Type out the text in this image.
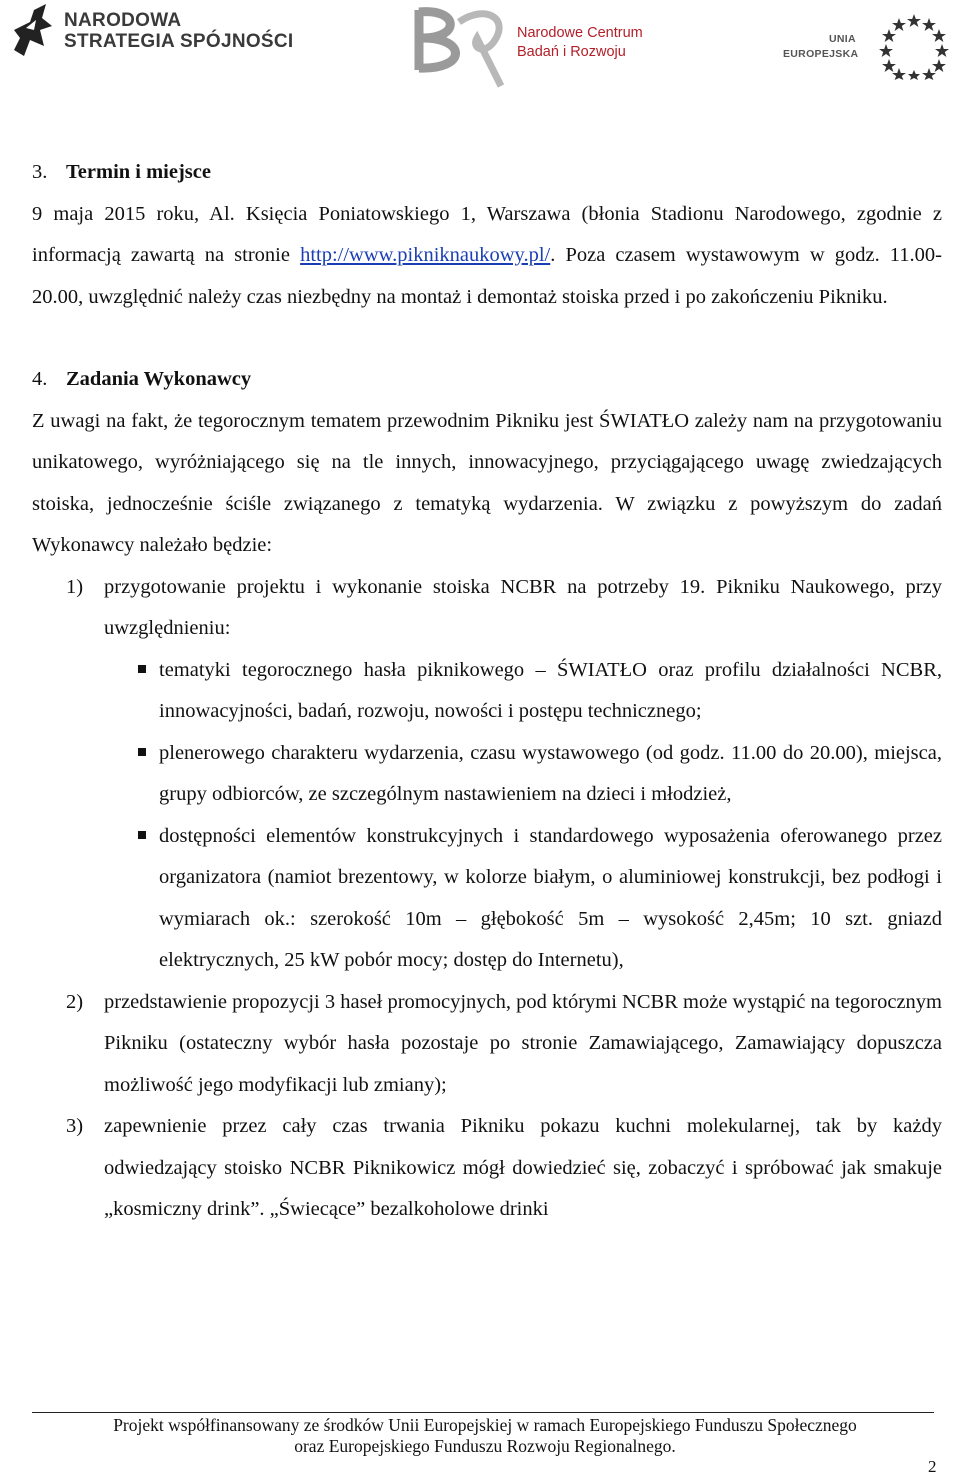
NARODOWA
STRATEGIA SPÓJNOŚCI	Narodowe Centrum
Badań i Rozwoju
UNIA
EUROPEJSKA

3. Termin i miejsce

9 maja 2015 roku, Al. Księcia Poniatowskiego 1, Warszawa (błonia Stadionu Narodowego, zgodnie z informacją zawartą na stronie http://www.pikniknaukowy.pl/. Poza czasem wystawowym w godz. 11.00-20.00, uwzględnić należy czas niezbędny na montaż i demontaż stoiska przed i po zakończeniu Pikniku.

4. Zadania Wykonawcy

Z uwagi na fakt, że tegorocznym tematem przewodnim Pikniku jest ŚWIATŁO zależy nam na przygotowaniu unikatowego, wyróżniającego się na tle innych, innowacyjnego, przyciągającego uwagę zwiedzających stoiska, jednocześnie ściśle związanego z tematyką wydarzenia. W związku z powyższym do zadań Wykonawcy należało będzie:

1) przygotowanie projektu i wykonanie stoiska NCBR na potrzeby 19. Pikniku Naukowego, przy uwzględnieniu:
tematyki tegorocznego hasła piknikowego – ŚWIATŁO oraz profilu działalności NCBR, innowacyjności, badań, rozwoju, nowości i postępu technicznego;
plenerowego charakteru wydarzenia, czasu wystawowego (od godz. 11.00 do 20.00), miejsca, grupy odbiorców, ze szczególnym nastawieniem na dzieci i młodzież,
dostępności elementów konstrukcyjnych i standardowego wyposażenia oferowanego przez organizatora (namiot brezentowy, w kolorze białym, o aluminiowej konstrukcji, bez podłogi i wymiarach ok.: szerokość 10m – głębokość 5m – wysokość 2,45m; 10 szt. gniazd elektrycznych, 25 kW pobór mocy; dostęp do Internetu),
2) przedstawienie propozycji 3 haseł promocyjnych, pod którymi NCBR może wystąpić na tegorocznym Pikniku (ostateczny wybór hasła pozostaje po stronie Zamawiającego, Zamawiający dopuszcza możliwość jego modyfikacji lub zmiany);
3) zapewnienie przez cały czas trwania Pikniku pokazu kuchni molekularnej, tak by każdy odwiedzający stoisko NCBR Piknikowicz mógł dowiedzieć się, zobaczyć i spróbować jak smakuje „kosmiczny drink”. „Świecące” bezalkoholowe drinki
Projekt współfinansowany ze środków Unii Europejskiej w ramach Europejskiego Funduszu Społecznego
oraz Europejskiego Funduszu Rozwoju Regionalnego.
2
